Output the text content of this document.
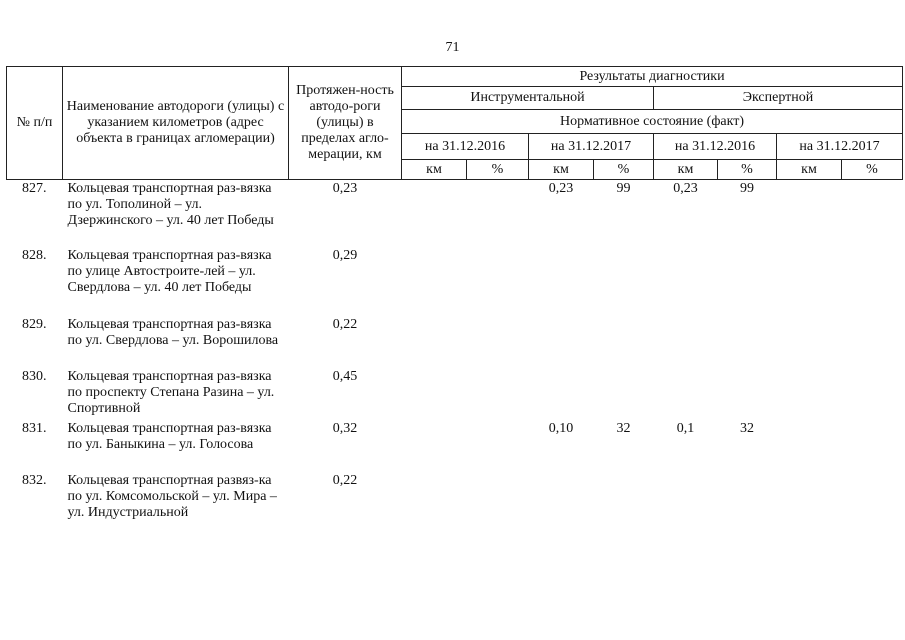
71
№ п/п	Наименование автодороги (улицы) с указанием километров (адрес объекта в границах агломерации)	Протяжен-ность автодо-роги (улицы) в пределах агло-мерации, км	Результаты диагностики							
			Инструментальной				Экспертной			
			Нормативное состояние (факт)							
			на 31.12.2016		на 31.12.2017		на 31.12.2016		на 31.12.2017	
			км	%	км	%	км	%	км	%
827.	Кольцевая транспортная раз-вязка по ул. Тополиной – ул. Дзержинского – ул. 40 лет Победы	0,23			0,23	99	0,23	99		
828.	Кольцевая транспортная раз-вязка по улице Автостроите-лей – ул. Свердлова – ул. 40 лет Победы	0,29								
829.	Кольцевая транспортная раз-вязка по ул. Свердлова – ул. Ворошилова	0,22								
830.	Кольцевая транспортная раз-вязка по проспекту Степана Разина – ул. Спортивной	0,45								
831.	Кольцевая транспортная раз-вязка по ул. Баныкина – ул. Голосова	0,32			0,10	32	0,1	32		
832.	Кольцевая транспортная развяз-ка по ул. Комсомольской – ул. Мира – ул. Индустриальной	0,22								
